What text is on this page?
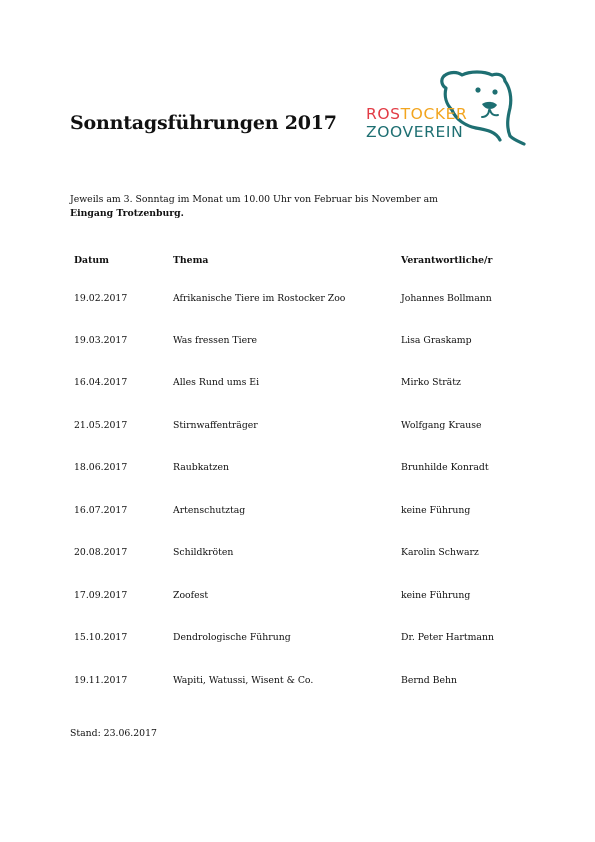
Sonntagsführungen 2017 ROSTOCKER
ZOOVEREIN
Jeweils am 3. Sonntag im Monat um 10.00 Uhr von Februar bis November am
Eingang Trotzenburg.
Datum	Thema	Verantwortliche/r
19.02.2017	Afrikanische Tiere im Rostocker Zoo	Johannes Bollmann
19.03.2017	Was fressen Tiere	Lisa Graskamp
16.04.2017	Alles Rund ums Ei	Mirko Strätz
21.05.2017	Stirnwaffenträger	Wolfgang Krause
18.06.2017	Raubkatzen	Brunhilde Konradt
16.07.2017	Artenschutztag	keine Führung
20.08.2017	Schildkröten	Karolin Schwarz
17.09.2017	Zoofest	keine Führung
15.10.2017	Dendrologische Führung	Dr. Peter Hartmann
19.11.2017	Wapiti, Watussi, Wisent & Co.	Bernd Behn
Stand: 23.06.2017
